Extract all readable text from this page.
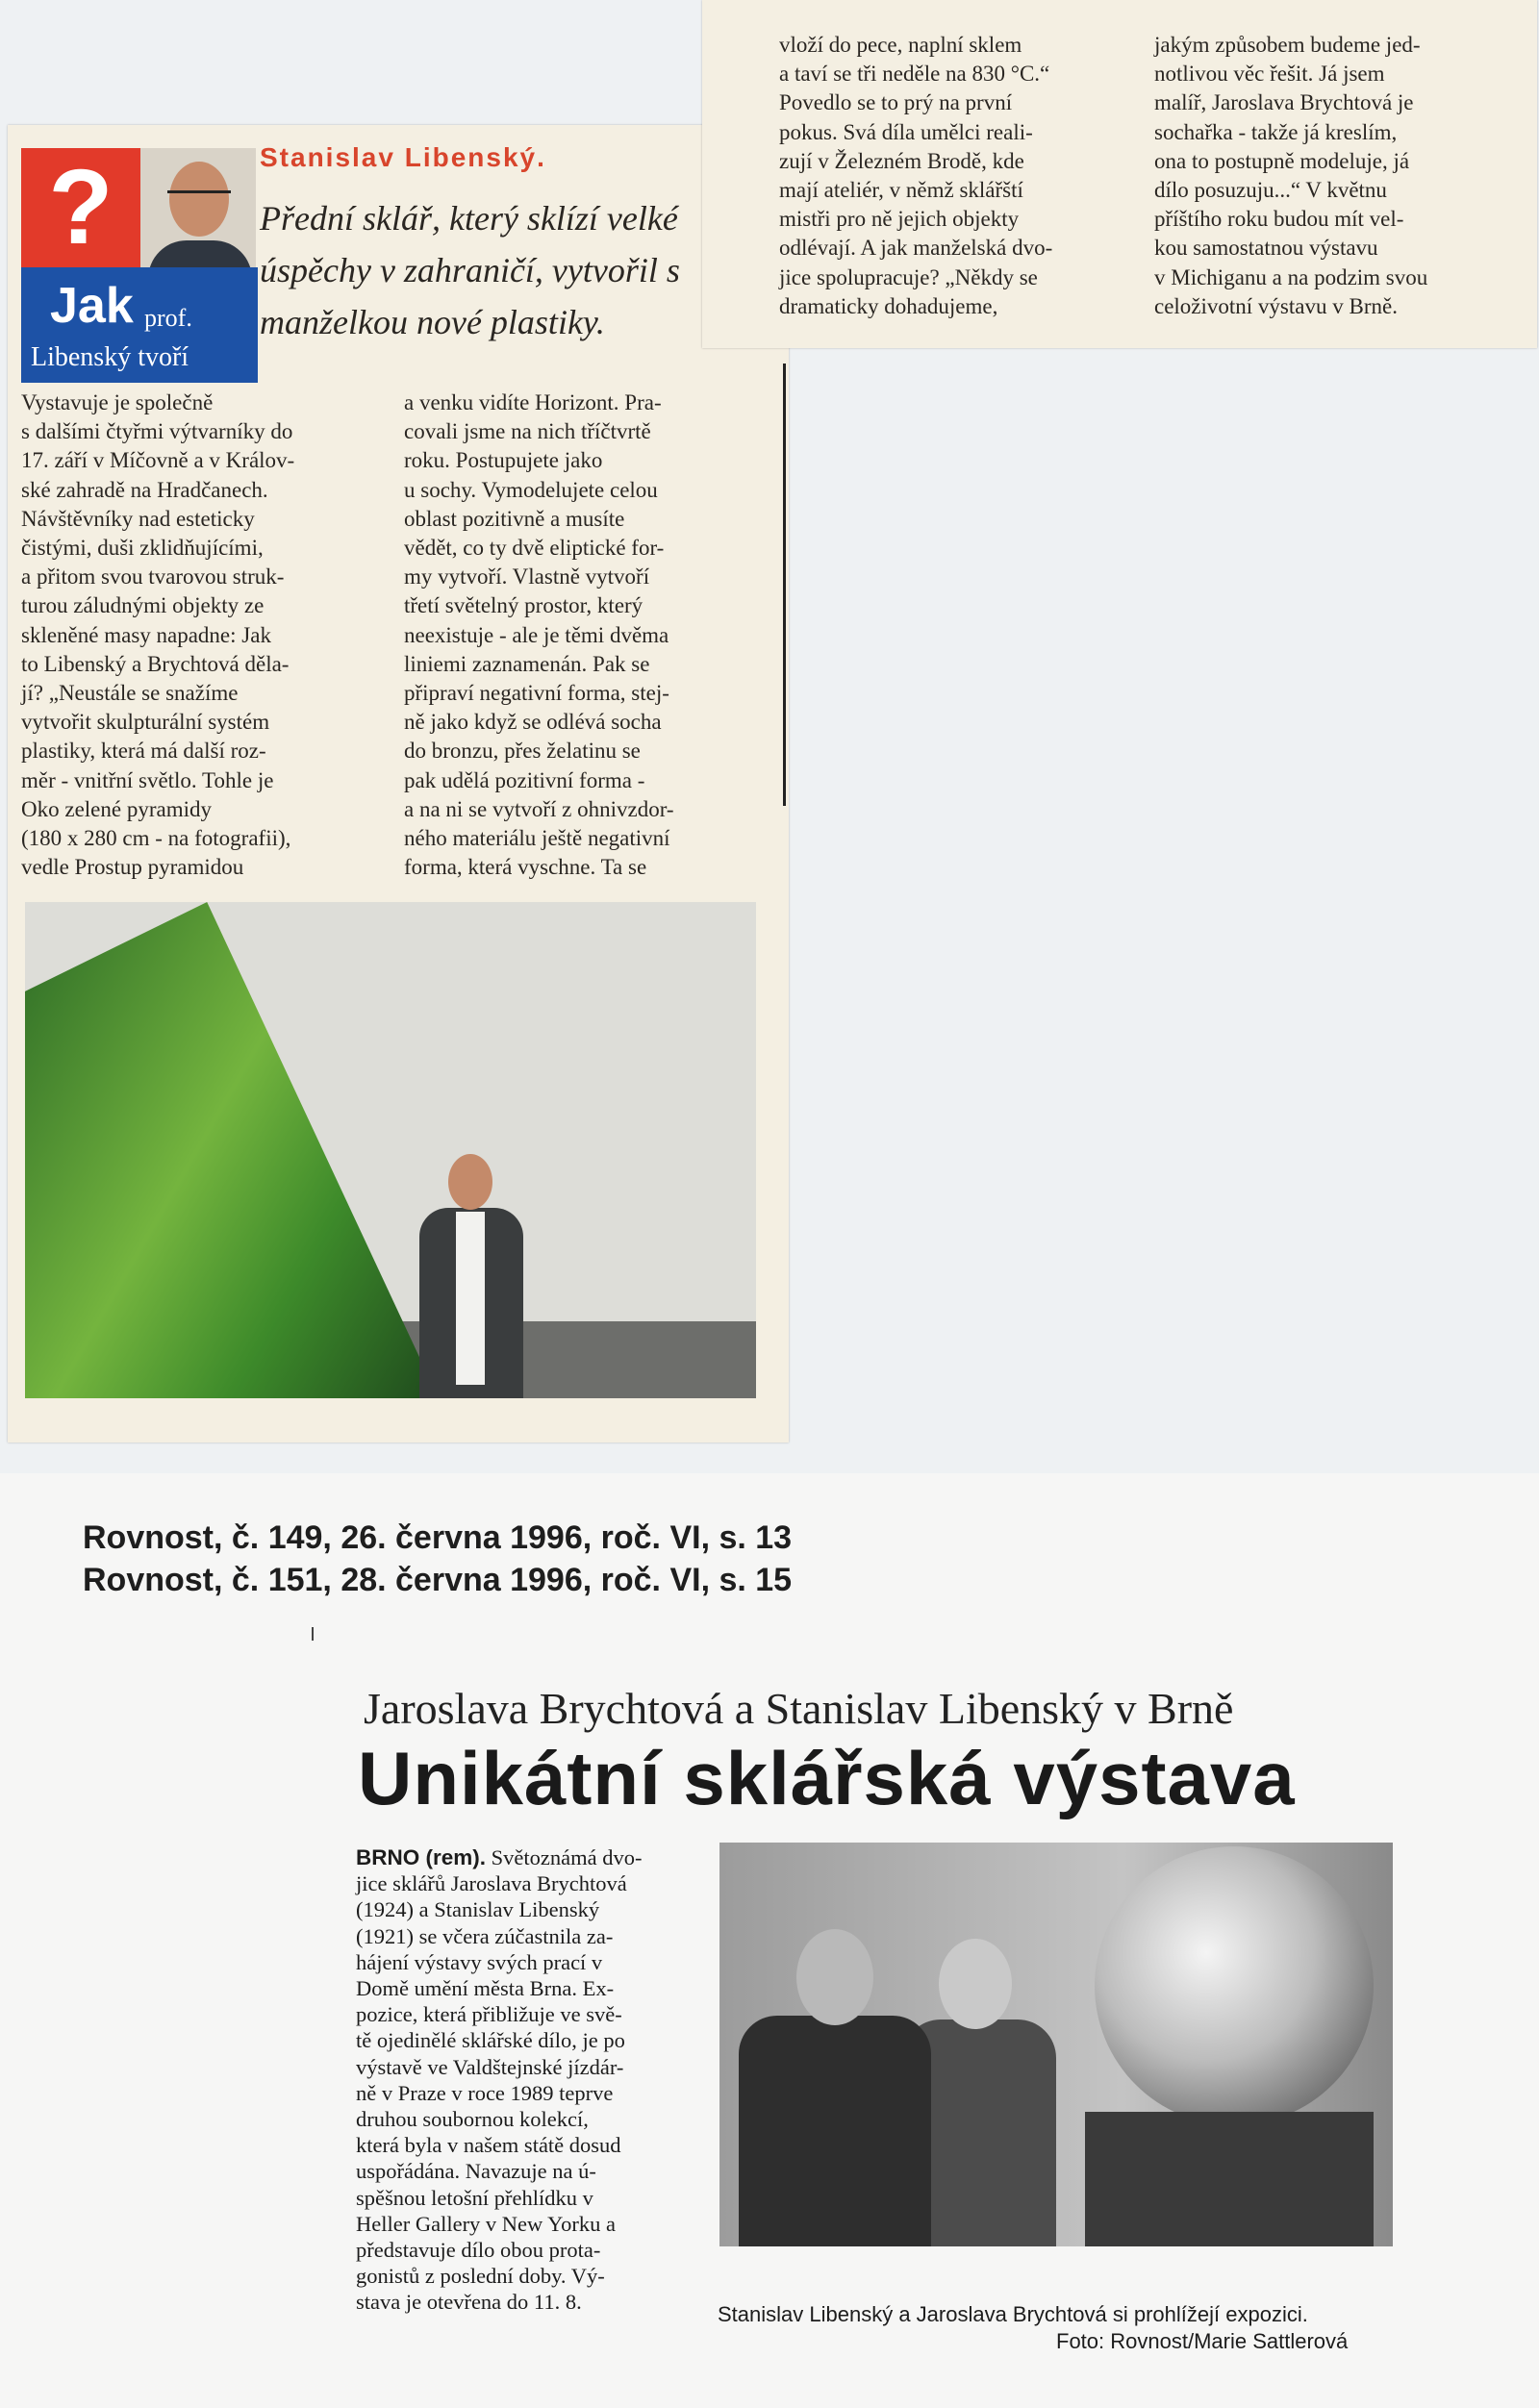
?
Jak prof.
Libenský tvoří
Stanislav Libenský.
Přední sklář, který sklízí velké úspěchy v zahraničí, vytvořil s manželkou nové plastiky.
Vystavuje je společně
s dalšími čtyřmi výtvarníky do
17. září v Míčovně a v Králov-
ské zahradě na Hradčanech.
Návštěvníky nad esteticky
čistými, duši zklidňujícími,
a přitom svou tvarovou struk-
turou záludnými objekty ze
skleněné masy napadne: Jak
to Libenský a Brychtová děla-
jí? „Neustále se snažíme
vytvořit skulpturální systém
plastiky, která má další roz-
měr - vnitřní světlo. Tohle je
Oko zelené pyramidy
(180 x 280 cm - na fotografii),
vedle Prostup pyramidou
a venku vidíte Horizont. Pra-
covali jsme na nich tříčtvrtě
roku. Postupujete jako
u sochy. Vymodelujete celou
oblast pozitivně a musíte
vědět, co ty dvě eliptické for-
my vytvoří. Vlastně vytvoří
třetí světelný prostor, který
neexistuje - ale je těmi dvěma
liniemi zaznamenán. Pak se
připraví negativní forma, stej-
ně jako když se odlévá socha
do bronzu, přes želatinu se
pak udělá pozitivní forma -
a na ni se vytvoří z ohnivzdor-
ného materiálu ještě negativní
forma, která vyschne. Ta se
vloží do pece, naplní sklem
a taví se tři neděle na 830 °C.“
Povedlo se to prý na první
pokus. Svá díla umělci reali-
zují v Železném Brodě, kde
mají ateliér, v němž sklářští
mistři pro ně jejich objekty
odlévají. A jak manželská dvo-
jice spolupracuje? „Někdy se
dramaticky dohadujeme,
jakým způsobem budeme jed-
notlivou věc řešit. Já jsem
malíř, Jaroslava Brychtová je
sochařka - takže já kreslím,
ona to postupně modeluje, já
dílo posuzuju...“ V květnu
příštího roku budou mít vel-
kou samostatnou výstavu
v Michiganu a na podzim svou
celoživotní výstavu v Brně.
Rovnost, č. 149, 26. června 1996, roč. VI, s. 13
Rovnost, č. 151, 28. června 1996, roč. VI, s. 15
Jaroslava Brychtová a Stanislav Libenský v Brně
Unikátní sklářská výstava
BRNO (rem). Světoznámá dvo-
jice sklářů Jaroslava Brychtová
(1924) a Stanislav Libenský
(1921) se včera zúčastnila za-
hájení výstavy svých prací v
Domě umění města Brna. Ex-
pozice, která přibližuje ve svě-
tě ojedinělé sklářské dílo, je po
výstavě ve Valdštejnské jízdár-
ně v Praze v roce 1989 teprve
druhou soubornou kolekcí,
která byla v našem státě dosud
uspořádána. Navazuje na ú-
spěšnou letošní přehlídku v
Heller Gallery v New Yorku a
představuje dílo obou prota-
gonistů z poslední doby. Vý-
stava je otevřena do 11. 8.
Stanislav Libenský a Jaroslava Brychtová si prohlížejí expozici.
Foto: Rovnost/Marie Sattlerová
